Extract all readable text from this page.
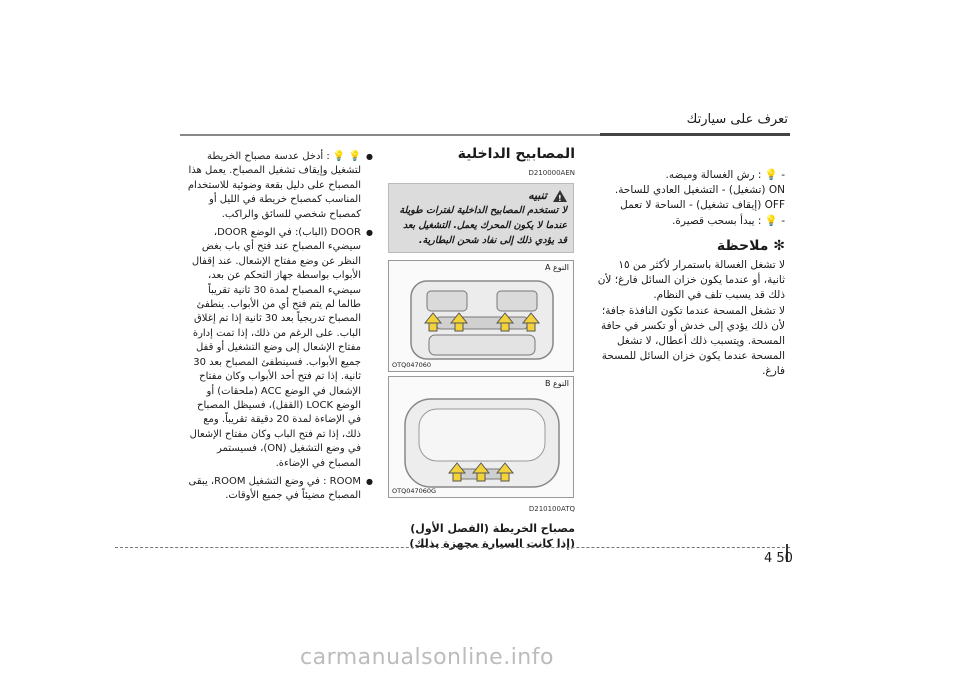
تعرف على سيارتك

- 💡 : رش الغسالة وميضه.

ON (تشغيل) - التشغيل العادي للساحة.

OFF (إيقاف تشغيل) - الساحة لا تعمل

- 💡 : يبدأ بسحب قصيرة.

✻ ملاحظة

لا تشغل الغسالة باستمرار لأكثر من ١٥ ثانية، أو عندما يكون خزان السائل فارغ؛ لأن ذلك قد يسبب تلف في النظام.

لا تشغل المسحة عندما تكون النافذة جافة؛ لأن ذلك يؤدي إلى خدش أو تكسر في حافة المسحة. ويتسبب ذلك أعطال، لا تشغل المسحة عندما يكون خزان السائل للمسحة فارغ.

المصابيح الداخلية
D210000AEN
!
تنبيه
لا تستخدم المصابيح الداخلية لفترات طويلة عندما لا يكون المحرك يعمل. التشغيل بعد قد يؤدي ذلك إلى نفاد شحن البطارية.
النوع A
OTQ047060
النوع B
OTQ047060G
D210100ATQ
مصباح الخريطة (الفصل الأول)
(إذا كانت السيارة مجهزة بذلك)
● 💡 💡 : أدخل عدسة مصباح الخريطة لتشغيل وإيقاف تشغيل المصباح. يعمل هذا المصباح على دليل بقعة وضوئية للاستخدام المناسب كمصباح خريطة في الليل أو كمصباح شخصي للسائق والراكب.
● DOOR (الباب): في الوضع DOOR، سيضيء المصباح عند فتح أي باب بغض النظر عن وضع مفتاح الإشعال. عند إقفال الأبواب بواسطة جهاز التحكم عن بعد، سيضيء المصباح لمدة 30 ثانية تقريباً طالما لم يتم فتح أي من الأبواب. ينطفئ المصباح تدريجياً بعد 30 ثانية إذا تم إغلاق الباب. على الرغم من ذلك، إذا تمت إدارة مفتاح الإشعال إلى وضع التشغيل أو قفل جميع الأبواب. فسينطفئ المصباح بعد 30 ثانية. إذا تم فتح أحد الأبواب وكان مفتاح الإشعال في الوضع ACC (ملحقات) أو الوضع LOCK (القفل)، فسيظل المصباح في الإضاءة لمدة 20 دقيقة تقريباً. ومع ذلك، إذا تم فتح الباب وكان مفتاح الإشعال في وضع التشغيل (ON)، فسيستمر المصباح في الإضاءة.
● ROOM : في وضع التشغيل ROOM، يبقى المصباح مضيئاً في جميع الأوقات.
4 50
carmanualsonline.info
